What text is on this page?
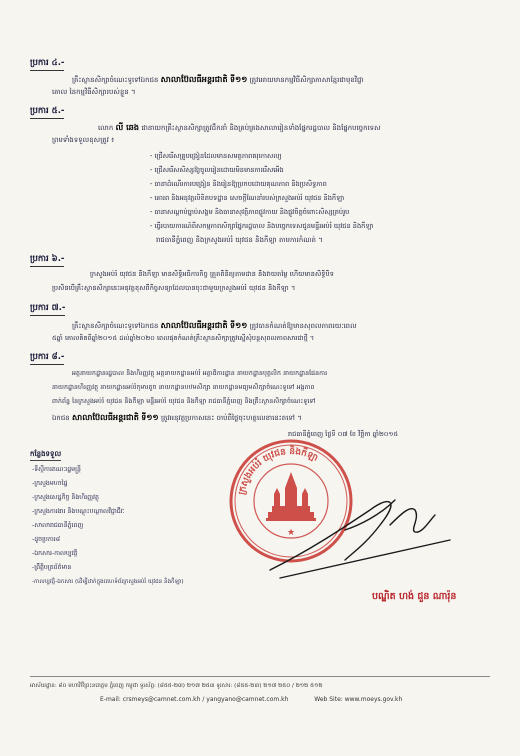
ប្រការ ៤.-
គ្រឹះស្ថានសិក្សាចំណេះទូទៅឯកជន សាលាប៊ែលធីអន្តរជាតិ ទី១១ ត្រូវអោយមានកម្មវិធីសិក្សាភាសាខ្មែរជាមុខវិជ្ជា
គោល នៃកម្មវិធីសិក្សារបស់ខ្លួន ។
ប្រការ ៥.-
លោក លី ឆេង ជានាយកគ្រឹះស្ថានសិក្សាត្រូវដឹកនាំ និងគ្រប់គ្រងសាលារៀនទាំងផ្នែករដ្ឋបាល និងផ្នែកបច្ចេកទេស
ព្រមទាំងទទួលខុសត្រូវ ៖
- ជ្រើសរើសគ្រូបង្រៀនដែលមានសមត្ថភាពគរុកោសល្យ
- ជ្រើសរើសសិស្សឱ្យចូលរៀនដោយមិនមានការរើសអើង
- ធានាដំណើរការបង្រៀន និងរៀនឱ្យប្រកបដោយគុណភាព និងប្រសិទ្ធភាព
- គោរព និងអនុវត្តលិខិតបទដ្ឋាន សេចក្តីណែនាំរបស់ក្រសួងអប់រំ យុវជន និងកីឡា
- ធានាសណ្តាប់ធ្នាប់សង្គម និងធានាសុវត្ថិភាពផ្លូវកាយ និងផ្លូវចិត្តចំពោះសិស្សគ្រប់រូប
- ធ្វើរបាយការណ៍ពីសកម្មភាពសិក្សាផ្នែករដ្ឋបាល និងបច្ចេកទេសជូនមន្ទីរអប់រំ យុវជន និងកីឡា
រាជធានីភ្នំពេញ និងក្រសួងអប់រំ យុវជន និងកីឡា តាមការកំណត់ ។
ប្រការ ៦.-
ក្រសួងអប់រំ យុវជន និងកីឡា មានសិទ្ធិអធិការកិច្ច ត្រួតពិនិត្យតាមដាន និងវាយតម្លៃ ហើយមានសិទ្ធិបិទ
ប្រសិនបើគ្រឹះស្ថានសិក្សានេះអនុវត្តខុសពីកិច្ចសន្យាដែលបានចុះជាមួយក្រសួងអប់រំ យុវជន និងកីឡា ។
ប្រការ ៧.-
គ្រឹះស្ថានសិក្សាចំណេះទូទៅឯកជន សាលាប៊ែលធីអន្តរជាតិ ទី១១ ត្រូវបានកំណត់ឱ្យមានសុពលភាពរយៈពេល
៥ឆ្នាំ គោលគិតពីឆ្នាំ២០១៥ ដល់ឆ្នាំ២០២០ ពេលផុតកំណត់គ្រឹះស្ថានសិក្សាត្រូវស្នើសុំបន្តសុពលភាពសារជាថ្មី ។
ប្រការ ៨.-
អគ្គនាយកដ្ឋានរដ្ឋបាល និងហិរញ្ញវត្ថុ អគ្គនាយកដ្ឋានអប់រំ អគ្គាធិការដ្ឋាន នាយកដ្ឋានបុគ្គលិក នាយកដ្ឋានផែនការ
នាយកដ្ឋានហិរញ្ញវត្ថុ នាយកដ្ឋានអប់រំកុមារតូច នាយកដ្ឋានបឋមសិក្សា នាយកដ្ឋានមធ្យមសិក្សាចំណេះទូទៅ អង្គភាព
ពាក់ព័ន្ធ នៃក្រសួងអប់រំ យុវជន និងកីឡា មន្ទីរអប់រំ យុវជន និងកីឡា រាជធានីភ្នំពេញ និងគ្រឹះស្ថានសិក្សាចំណេះទូទៅ
ឯកជន សាលាប៊ែលធីអន្តរជាតិ ទី១១ ត្រូវអនុវត្តប្រកាសនេះ ចាប់ពីថ្ងៃចុះហត្ថលេខានេះតទៅ ។
រាជធានីភ្នំពេញ ថ្ងៃទី ០៧ ខែ វិច្ឆិកា ឆ្នាំ២០១៥
កន្លែងទទួល
-ទីស្តីការគណៈរដ្ឋមន្ត្រី
-ក្រសួងមហាផ្ទៃ
-ក្រសួងសេដ្ឋកិច្ច និងហិរញ្ញវត្ថុ
-ក្រសួងការងារ និងបណ្តុះបណ្តាលវិជ្ជាជីវៈ
-សាលារាជធានីភ្នំពេញ
-ដូចប្រការ៨
-ឯកសារ-កាលប្បវត្តិ
-ព្រឹត្តិបត្រព័ត៌មាន
-កាលប្បវត្តិ-ឯកសារ (ដើម្បីដាក់ក្នុងគេហទំព័រក្រសួងអប់រំ យុវជន និងកីឡា)
ក្រសួងអប់រំ យុវជន និងកីឡា
★
បណ្ឌិត ហង់ ជួន ណារ៉ុន
អាស័យដ្ឋាន: ៨០ មហាវិថីព្រះនរោត្តម ភ្នំពេញ កម្ពុជា ទូរស័ព្ទ: (៨៥៥-២៣) ២១៧ ២៥៣ ទូរសារ: (៨៥៥-២៣) ២១៧ ២៥០ / ២១២ ៥១២
E-mail: crsmeys@camnet.com.kh / yangyano@camnet.com.kh	Web Site: www.moeys.gov.kh
